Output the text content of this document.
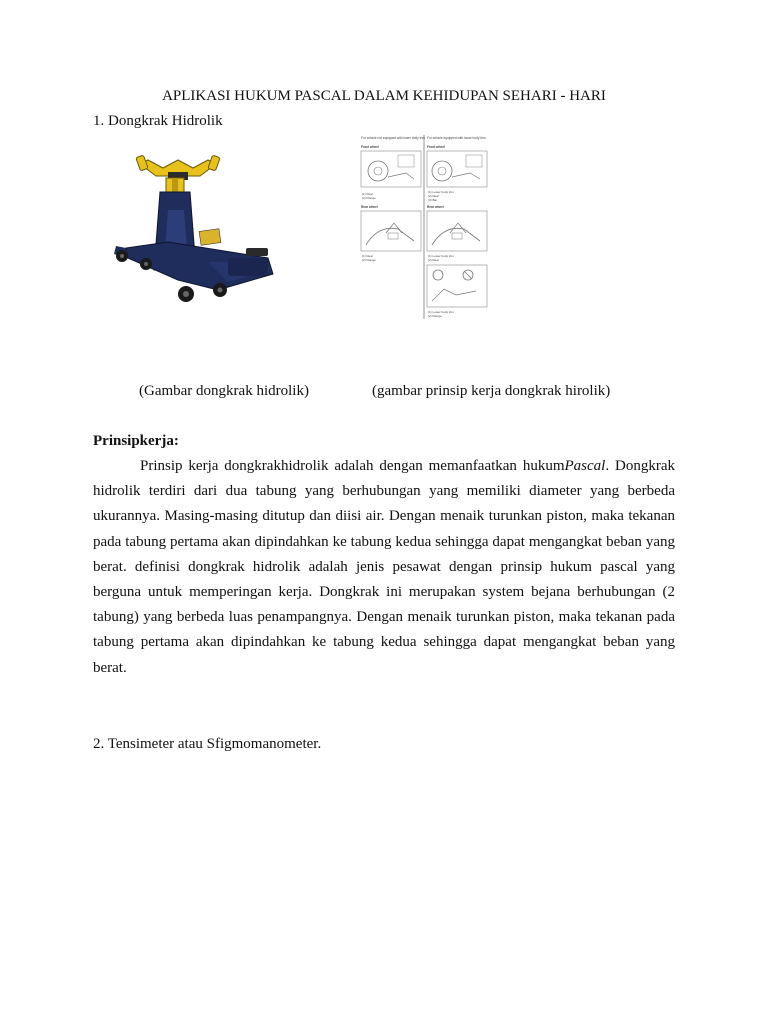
APLIKASI HUKUM PASCAL DALAM KEHIDUPAN SEHARI - HARI
1. Dongkrak Hidrolik
For vehicle not equipped with lower body trim For vehicle equipped with lower body trim
Front wheel	Front wheel
(1) Rear
(2) Flange
(1) Lower body trim
(2) Rear
(3) Bar
Rear wheel	Rear wheel
(1) Rear
(2) Flange
(1) Lower body trim
(2) Rear
(1) Lower body trim
(2) Flange
(Gambar dongkrak hidrolik)	(gambar prinsip kerja dongkrak hirolik)
Prinsipkerja:

Prinsip kerja dongkrakhidrolik adalah dengan memanfaatkan hukumPascal. Dongkrak hidrolik terdiri dari dua tabung yang berhubungan yang memiliki diameter yang berbeda ukurannya. Masing-masing ditutup dan diisi air. Dengan menaik turunkan piston, maka tekanan pada tabung pertama akan dipindahkan ke tabung kedua sehingga dapat mengangkat beban yang berat. definisi dongkrak hidrolik adalah jenis pesawat dengan prinsip hukum pascal yang berguna untuk memperingan kerja. Dongkrak ini merupakan system bejana berhubungan (2 tabung) yang berbeda luas penampangnya. Dengan menaik turunkan piston, maka tekanan pada tabung pertama akan dipindahkan ke tabung kedua sehingga dapat mengangkat beban yang berat.

2. Tensimeter atau Sfigmomanometer.
